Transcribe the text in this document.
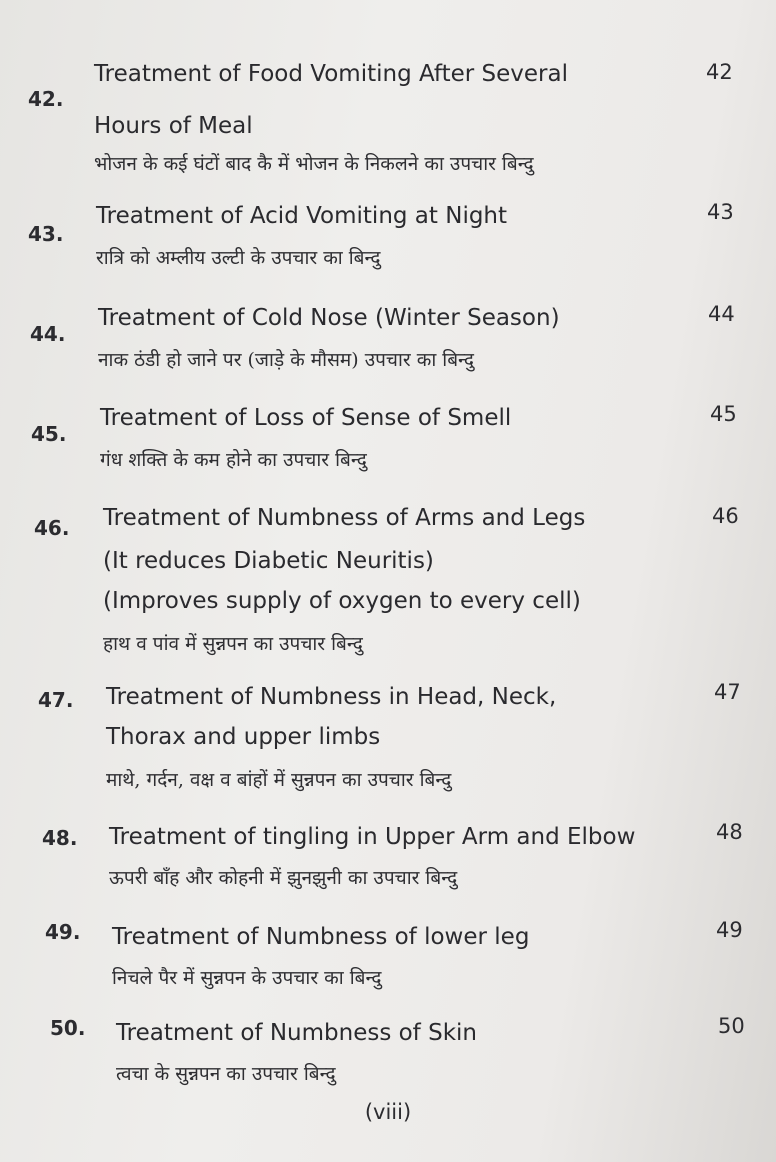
42.
Treatment of Food Vomiting After Several
Hours of Meal
भोजन के कई घंटों बाद कै में भोजन के निकलने का उपचार बिन्दु
42
43.
Treatment of Acid Vomiting at Night
रात्रि को अम्लीय उल्टी के उपचार का बिन्दु
43
44.
Treatment of Cold Nose (Winter Season)
नाक ठंडी हो जाने पर (जाड़े के मौसम) उपचार का बिन्दु
44
45.
Treatment of Loss of Sense of Smell
गंध शक्ति के कम होने का उपचार बिन्दु
45
46. Treatment of Numbness of Arms and Legs
(It reduces Diabetic Neuritis)
(Improves supply of oxygen to every cell)
हाथ व पांव में सुन्नपन का उपचार बिन्दु
46
47. Treatment of Numbness in Head, Neck,
Thorax and upper limbs
माथे, गर्दन, वक्ष व बांहों में सुन्नपन का उपचार बिन्दु
47
48. Treatment of tingling in Upper Arm and Elbow
ऊपरी बाँह और कोहनी में झुनझुनी का उपचार बिन्दु
48
49. Treatment of Numbness of lower leg
निचले पैर में सुन्नपन के उपचार का बिन्दु
49
50. Treatment of Numbness of Skin
त्वचा के सुन्नपन का उपचार बिन्दु
50
(viii)
